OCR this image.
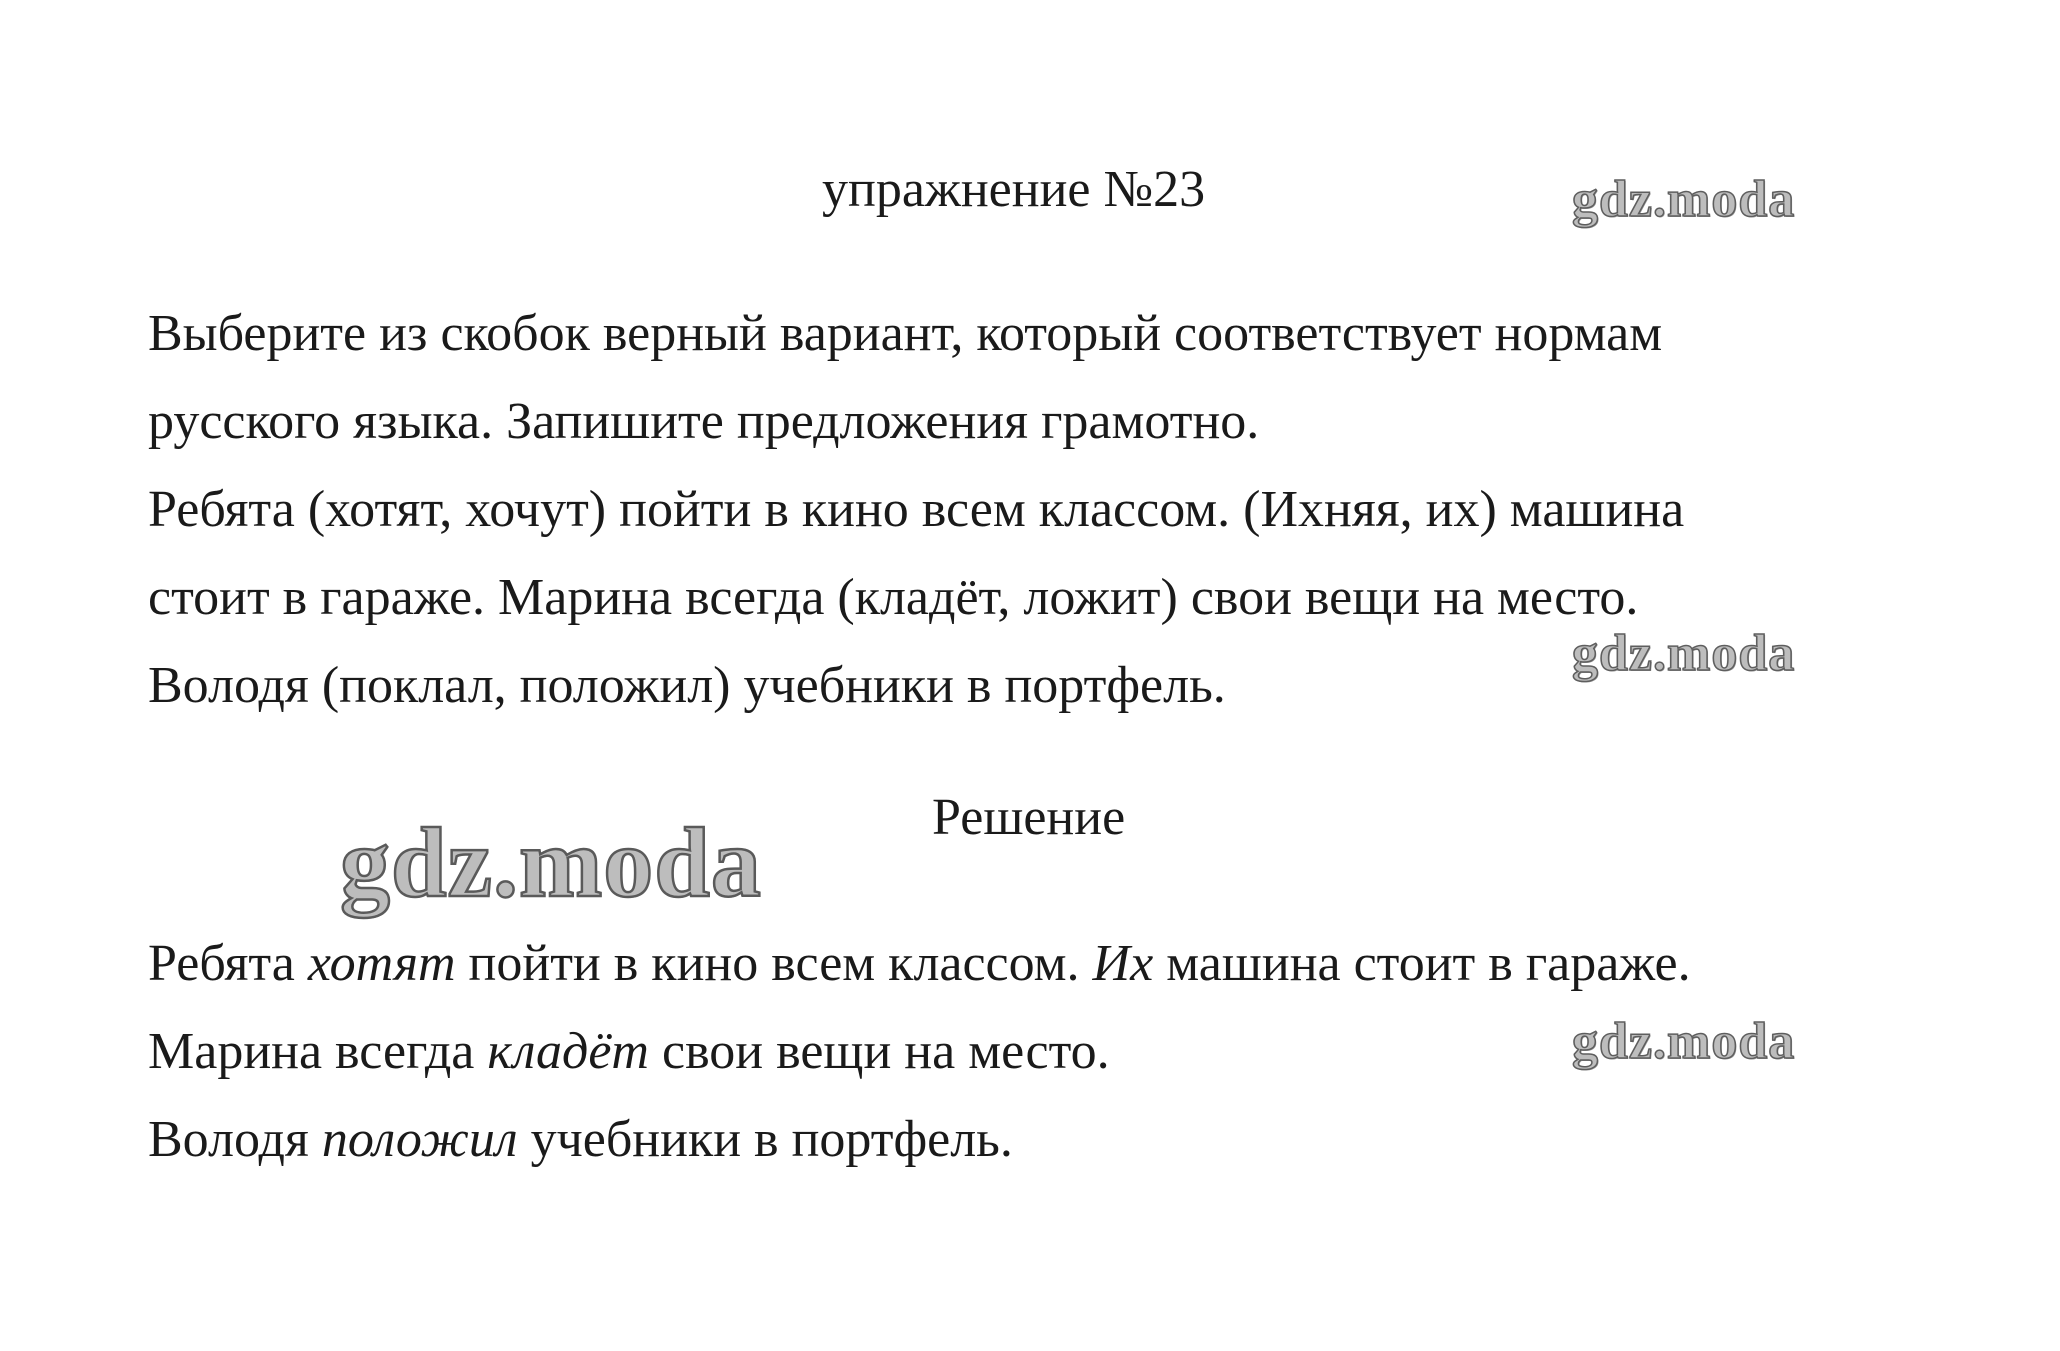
упражнение №23	gdz.moda

Выберите из скобок верный вариант, который соответствует нормам

русского языка. Запишите предложения грамотно.

Ребята (хотят, хочут) пойти в кино всем классом. (Ихняя, их) машина

стоит в гараже. Марина всегда (кладёт, ложит) свои вещи на место.

Володя (поклал, положил) учебники в портфель.

gdz.moda
gdz.moda	Решение

Ребята хотят пойти в кино всем классом. Их машина стоит в гараже.

Марина всегда кладёт свои вещи на место.

Володя положил учебники в портфель.

gdz.moda
